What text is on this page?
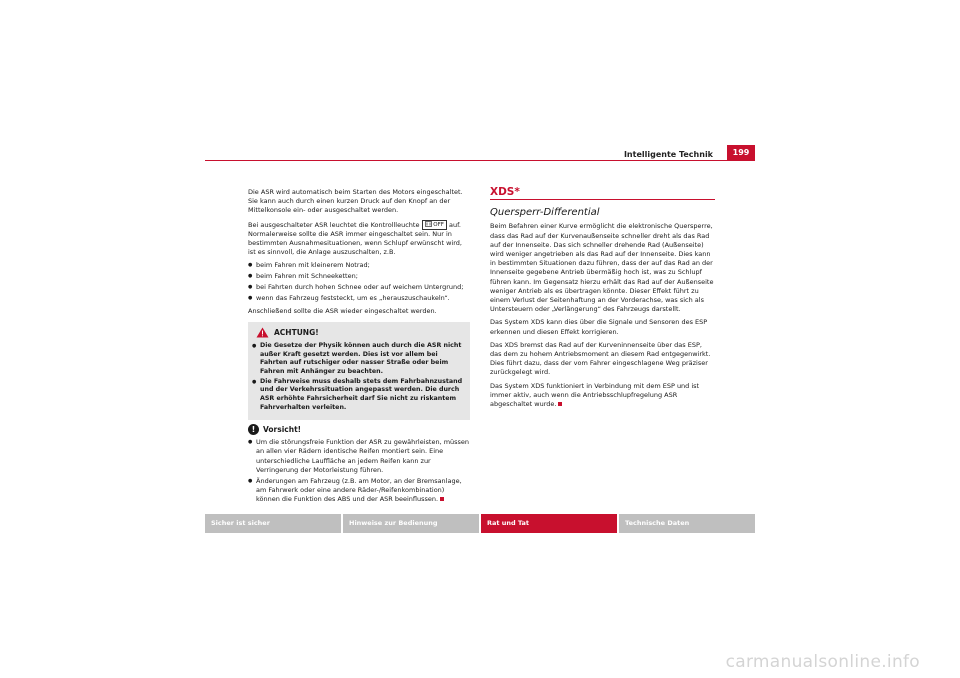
Intelligente Technik	199

Die ASR wird automatisch beim Starten des Motors eingeschaltet. Sie kann auch durch einen kurzen Druck auf den Knopf an der Mittelkonsole ein- oder ausgeschaltet werden.

Bei ausgeschalteter ASR leuchtet die Kontrollleuchte	OFF auf. Normalerweise sollte die ASR immer eingeschaltet sein. Nur in bestimmten Ausnahmesituationen, wenn Schlupf erwünscht wird, ist es sinnvoll, die Anlage auszuschalten, z.B.

● beim Fahren mit kleinerem Notrad;
● beim Fahren mit Schneeketten;
● bei Fahrten durch hohen Schnee oder auf weichem Untergrund;
● wenn das Fahrzeug feststeckt, um es „herauszuschaukeln“.

Anschließend sollte die ASR wieder eingeschaltet werden.

ACHTUNG!
● Die Gesetze der Physik können auch durch die ASR nicht außer Kraft gesetzt werden. Dies ist vor allem bei Fahrten auf rutschiger oder nasser Straße oder beim Fahren mit Anhänger zu beachten.
● Die Fahrweise muss deshalb stets dem Fahrbahnzustand und der Verkehrssituation angepasst werden. Die durch ASR erhöhte Fahrsicherheit darf Sie nicht zu riskantem Fahrverhalten verleiten.
!	Vorsicht!
● Um die störungsfreie Funktion der ASR zu gewährleisten, müssen an allen vier Rädern identische Reifen montiert sein. Eine unterschiedliche Lauffläche an jedem Reifen kann zur Verringerung der Motorleistung führen.
● Änderungen am Fahrzeug (z.B. am Motor, an der Bremsanlage, am Fahrwerk oder eine andere Räder-/Reifenkombination) können die Funktion des ABS und der ASR beeinflussen.
XDS*
Quersperr-Differential

Beim Befahren einer Kurve ermöglicht die elektronische Quersperre, dass das Rad auf der Kurvenaußenseite schneller dreht als das Rad auf der Innenseite. Das sich schneller drehende Rad (Außenseite) wird weniger angetrieben als das Rad auf der Innenseite. Dies kann in bestimmten Situationen dazu führen, dass der auf das Rad an der Innenseite gegebene Antrieb übermäßig hoch ist, was zu Schlupf führen kann. Im Gegensatz hierzu erhält das Rad auf der Außenseite weniger Antrieb als es übertragen könnte. Dieser Effekt führt zu einem Verlust der Seitenhaftung an der Vorderachse, was sich als Untersteuern oder „Verlängerung“ des Fahrzeugs darstellt.

Das System XDS kann dies über die Signale und Sensoren des ESP erkennen und diesen Effekt korrigieren.

Das XDS bremst das Rad auf der Kurveninnenseite über das ESP, das dem zu hohem Antriebsmoment an diesem Rad entgegenwirkt. Dies führt dazu, dass der vom Fahrer eingeschlagene Weg präziser zurückgelegt wird.

Das System XDS funktioniert in Verbindung mit dem ESP und ist immer aktiv, auch wenn die Antriebsschlupfregelung ASR abgeschaltet wurde.

Sicher ist sicher	Hinweise zur Bedienung	Rat und Tat	Technische Daten
carmanualsonline.info
